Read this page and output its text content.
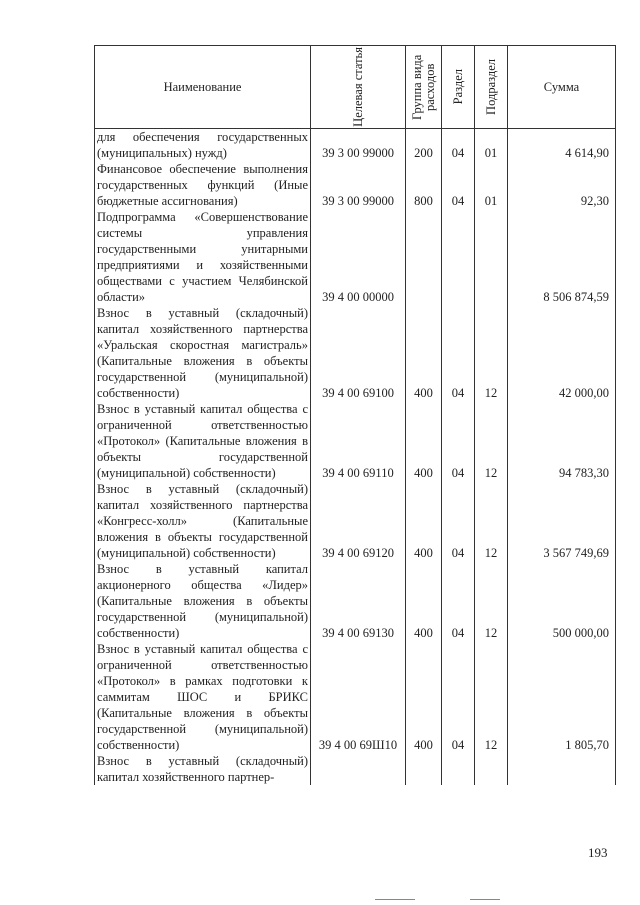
Наименование	Целевая статья	Группа вида расходов	Раздел	Подраздел	Сумма
для обеспечения государственных (муниципальных) нужд)	39 3 00 99000	200	04	01	4 614,90
Финансовое обеспечение выполнения государственных функций (Иные бюджетные ассигнования)	39 3 00 99000	800	04	01	92,30
Подпрограмма «Совершенствование системы управления государственными унитарными предприятиями и хозяйственными обществами с участием Челябинской области»	39 4 00 00000				8 506 874,59
Взнос в уставный (складочный) капитал хозяйственного партнерства «Уральская скоростная магистраль» (Капитальные вложения в объекты государственной (муниципальной) собственности)	39 4 00 69100	400	04	12	42 000,00
Взнос в уставный капитал общества с ограниченной ответственностью «Протокол» (Капитальные вложения в объекты государственной (муниципальной) собственности)	39 4 00 69110	400	04	12	94 783,30
Взнос в уставный (складочный) капитал хозяйственного партнерства «Конгресс-холл» (Капитальные вложения в объекты государственной (муниципальной) собственности)	39 4 00 69120	400	04	12	3 567 749,69
Взнос в уставный капитал акционерного общества «Лидер» (Капитальные вложения в объекты государственной (муниципальной) собственности)	39 4 00 69130	400	04	12	500 000,00
Взнос в уставный капитал общества с ограниченной ответственностью «Протокол» в рамках подготовки к саммитам ШОС и БРИКС (Капитальные вложения в объекты государственной (муниципальной) собственности)	39 4 00 69Ш10	400	04	12	1 805,70
Взнос в уставный (складочный) капитал хозяйственного партнер-					
193
